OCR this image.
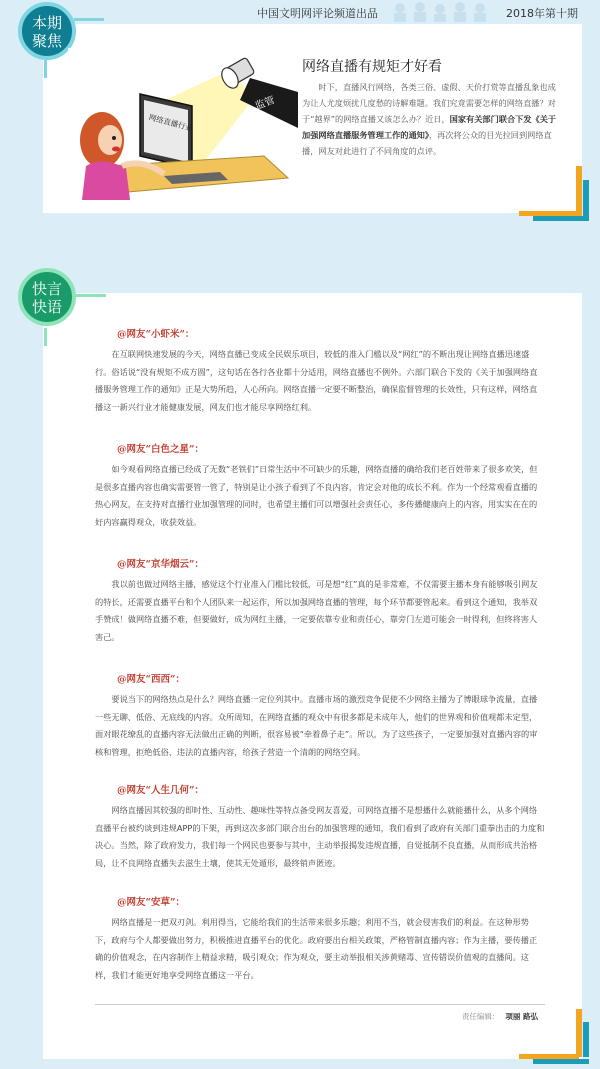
中国文明网评论频道出品	2018年第十期
本期
聚焦
监管
网络直播行业
网络直播有规矩才好看
时下，直播风行网络，各类三俗、虚假、天价打赏等直播乱象也成为让人尤度烦扰几度愁的诗解难题。我们究竟需要怎样的网络直播？对于“越界”的网络直播又该怎么办？近日，国家有关部门联合下发《关于加强网络直播服务管理工作的通知》，再次将公众的目光拉回到网络直播，网友对此进行了不同角度的点评。
快言
快语
@网友“小虾米”：
在互联网快速发展的今天，网络直播已变成全民娱乐项目，较低的准入门槛以及“网红”的不断出现让网络直播迅速盛行。俗话说“没有规矩不成方圆”，这句话在各行各业都十分适用，网络直播也不例外。六部门联合下发的《关于加强网络直播服务管理工作的通知》正是大势所趋，人心所向。网络直播一定要不断整治，确保监督管理的长效性，只有这样，网络直播这一新兴行业才能健康发展，网友们也才能尽享网络红利。
@网友“白色之星”：
如今观看网络直播已经成了无数“老铁们”日常生活中不可缺少的乐趣，网络直播的确给我们老百姓带来了很多欢笑，但是很多直播内容也确实需要管一管了，特别是让小孩子看到了不良内容，肯定会对他的成长不利。作为一个经常观看直播的热心网友，在支持对直播行业加强管理的同时，也希望主播们可以增强社会责任心，多传播健康向上的内容，用实实在在的好内容赢得观众，收获效益。
@网友“京华烟云”：
我以前也做过网络主播，感觉这个行业准入门槛比较低，可是想“红”真的是非常难，不仅需要主播本身有能够吸引网友的特长，还需要直播平台和个人团队来一起运作，所以加强网络直播的管理，每个环节都要管起来。看到这个通知，我举双手赞成！做网络直播不难，但要做好，成为网红主播，一定要依靠专业和责任心，靠旁门左道可能会一时得利，但终将害人害己。
@网友“西西”：
要说当下的网络热点是什么？网络直播一定位列其中。直播市场的激烈竞争促使不少网络主播为了博眼球争流量，直播一些无聊、低俗、无底线的内容。众所周知，在网络直播的观众中有很多都是未成年人，他们的世界观和价值观都未定型，面对眼花缭乱的直播内容无法做出正确的判断，很容易被“牵着鼻子走”。所以，为了这些孩子，一定要加强对直播内容的审核和管理，拒绝低俗、违法的直播内容，给孩子营造一个清朗的网络空间。
@网友“人生几何”：
网络直播因其较强的即时性、互动性、趣味性等特点备受网友喜爱，可网络直播不是想播什么就能播什么，从多个网络直播平台被约谈到违规APP的下架，再到这次多部门联合出台的加强管理的通知，我们看到了政府有关部门重拳出击的力度和决心。当然，除了政府发力，我们每一个网民也要参与其中，主动举报揭发违规直播，自觉抵制不良直播，从而形成共治格局，让不良网络直播失去滋生土壤，使其无处遁形，最终销声匿迹。
@网友“安草”：
网络直播是一把双刃剑。利用得当，它能给我们的生活带来很多乐趣；利用不当，就会侵害我们的利益。在这种形势下，政府与个人都要做出努力，积极推进直播平台的优化。政府要出台相关政策，严格管制直播内容；作为主播，要传播正确的价值观念，在内容制作上精益求精，吸引观众；作为观众，要主动举报相关涉黄赌毒、宣传错误价值观的直播间。这样，我们才能更好地享受网络直播这一平台。
责任编辑： 项丽 路弘
